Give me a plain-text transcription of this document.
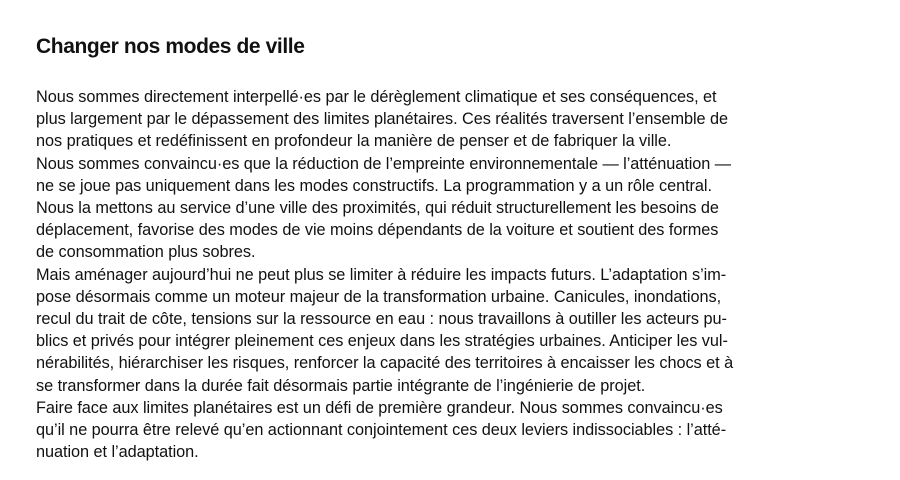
Changer nos modes de ville

Nous sommes directement interpellé·es par le dérèglement climatique et ses conséquences, et
plus largement par le dépassement des limites planétaires. Ces réalités traversent l’ensemble de
nos pratiques et redéfinissent en profondeur la manière de penser et de fabriquer la ville.

Nous sommes convaincu·es que la réduction de l’empreinte environnementale — l’atténuation —
ne se joue pas uniquement dans les modes constructifs. La programmation y a un rôle central.
Nous la mettons au service d’une ville des proximités, qui réduit structurellement les besoins de
déplacement, favorise des modes de vie moins dépendants de la voiture et soutient des formes
de consommation plus sobres.

Mais aménager aujourd’hui ne peut plus se limiter à réduire les impacts futurs. L’adaptation s’im-
pose désormais comme un moteur majeur de la transformation urbaine. Canicules, inondations,
recul du trait de côte, tensions sur la ressource en eau : nous travaillons à outiller les acteurs pu-
blics et privés pour intégrer pleinement ces enjeux dans les stratégies urbaines. Anticiper les vul-
nérabilités, hiérarchiser les risques, renforcer la capacité des territoires à encaisser les chocs et à
se transformer dans la durée fait désormais partie intégrante de l’ingénierie de projet.

Faire face aux limites planétaires est un défi de première grandeur. Nous sommes convaincu·es
qu’il ne pourra être relevé qu’en actionnant conjointement ces deux leviers indissociables : l’atté-
nuation et l’adaptation.
